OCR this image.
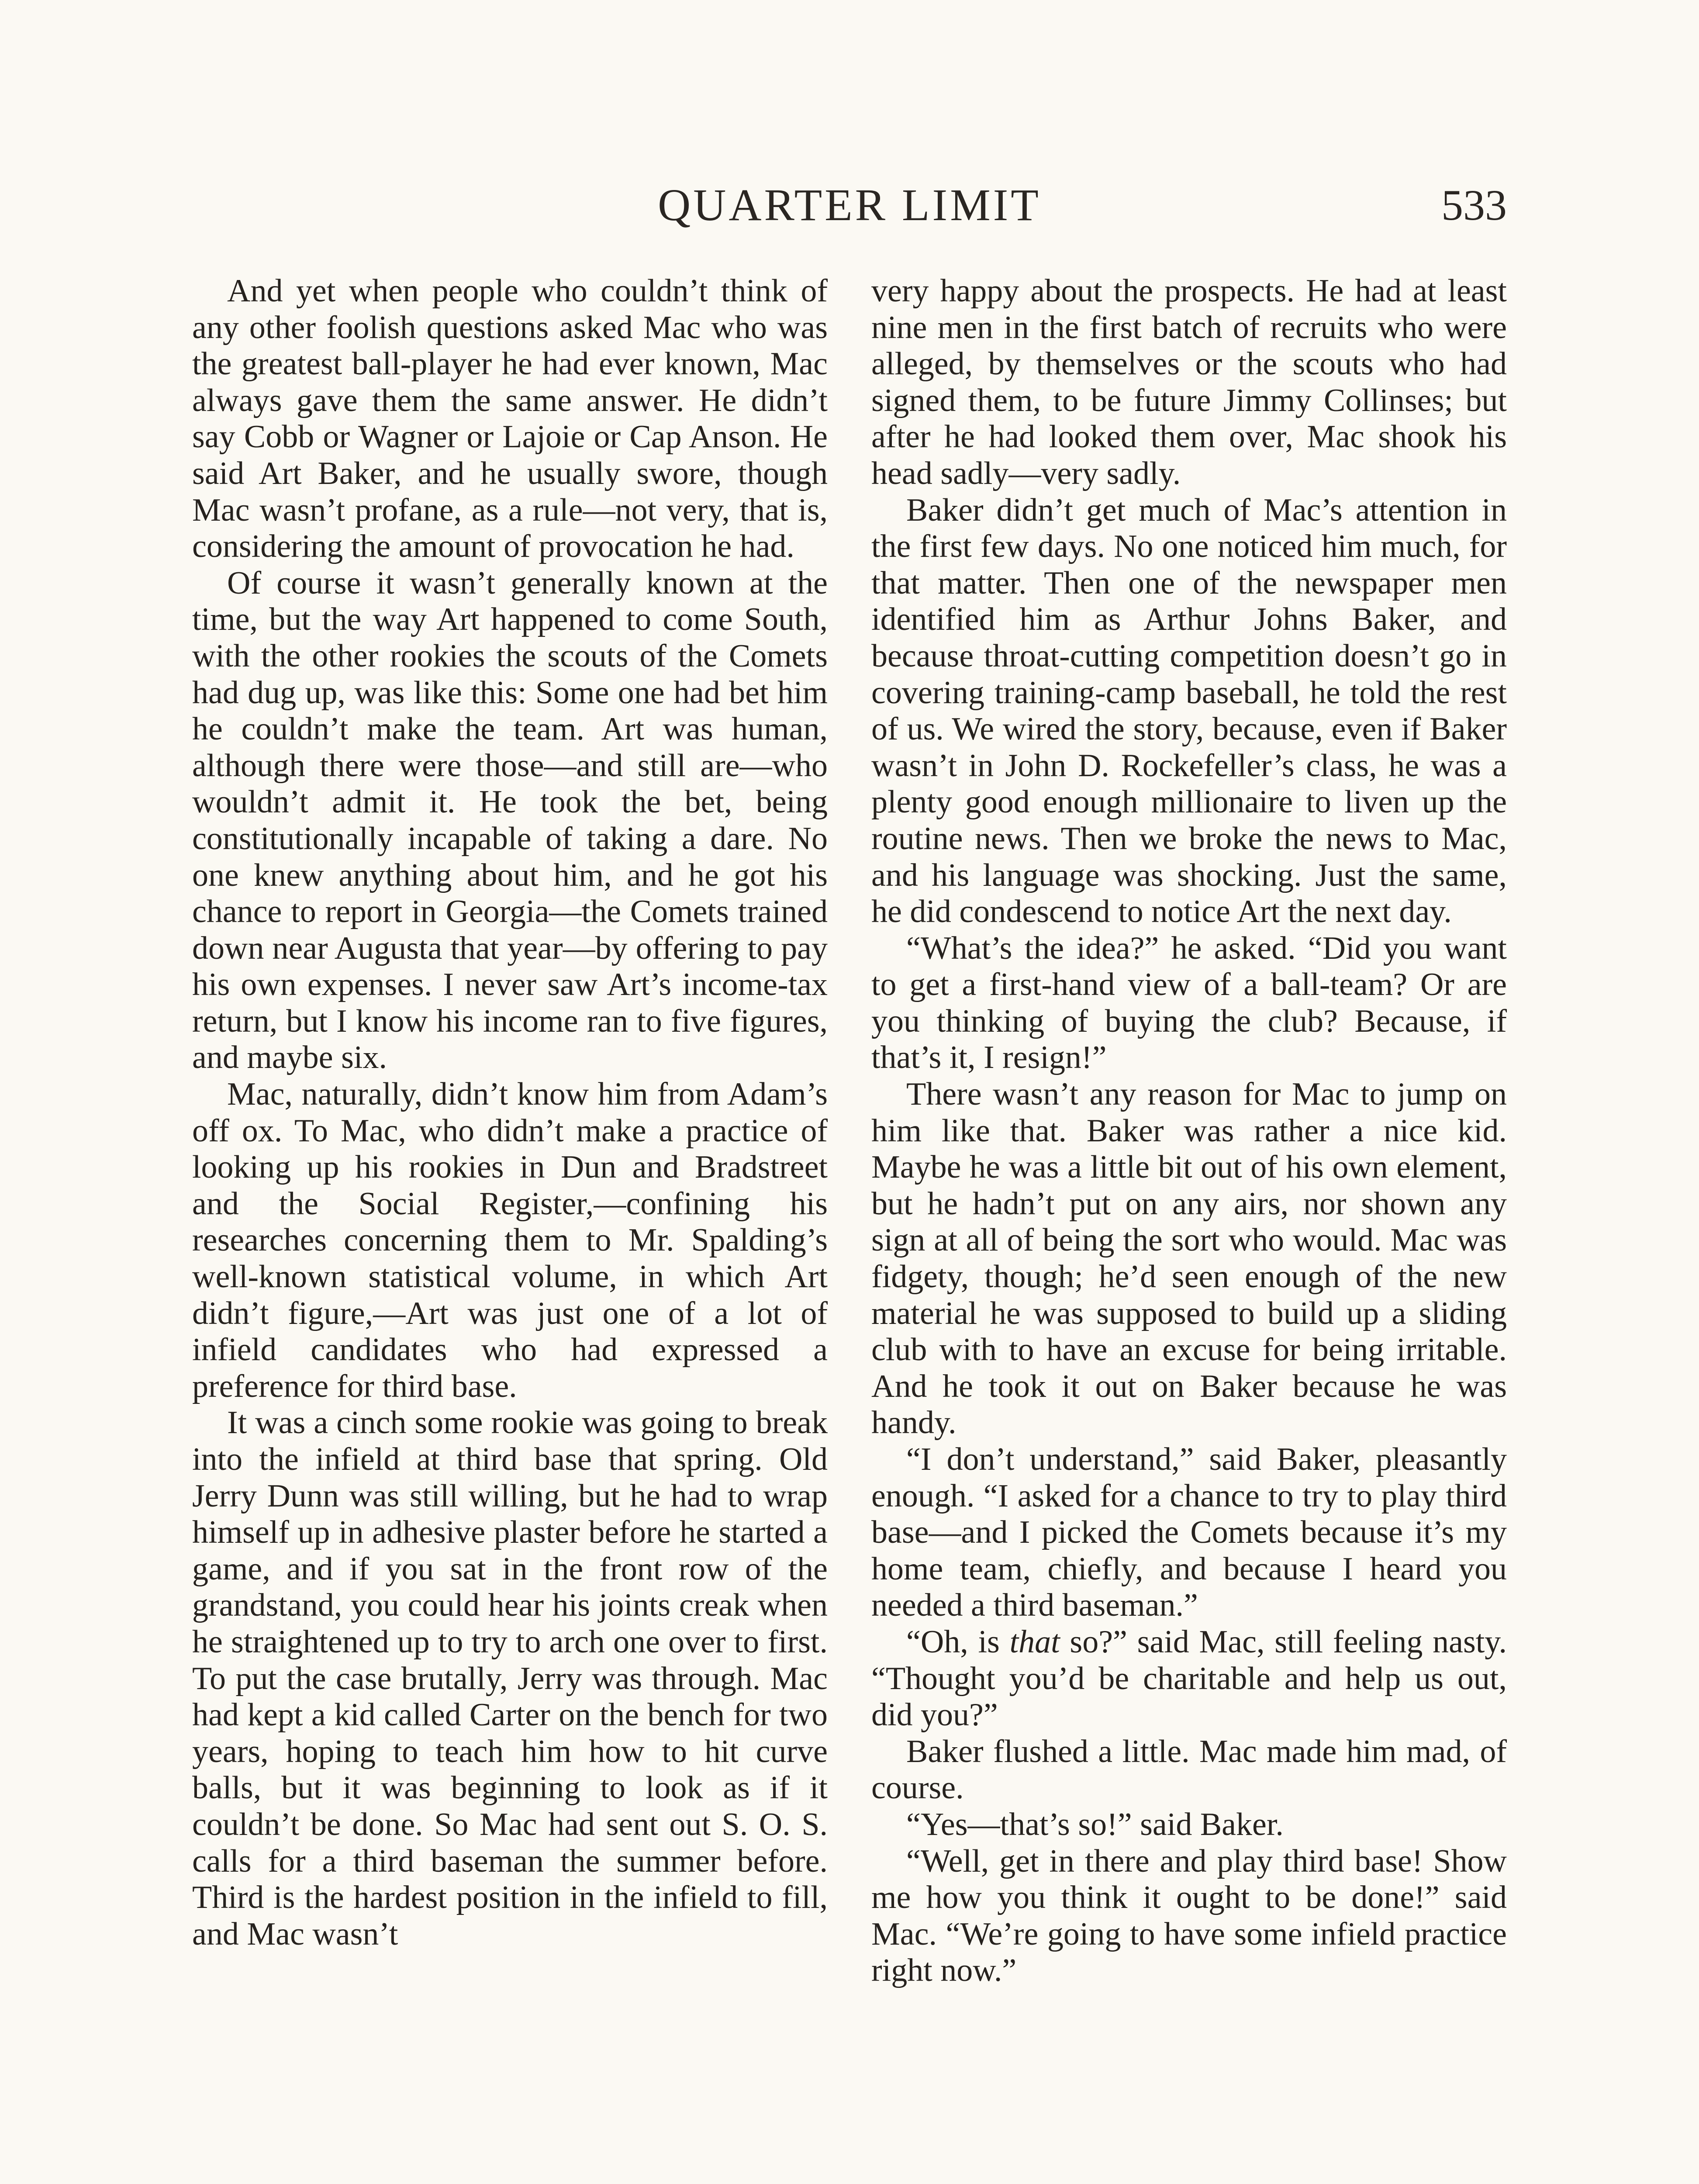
QUARTER LIMIT	533

And yet when people who couldn’t think of any other foolish questions asked Mac who was the greatest ball-player he had ever known, Mac always gave them the same answer. He didn’t say Cobb or Wagner or Lajoie or Cap Anson. He said Art Baker, and he usually swore, though Mac wasn’t profane, as a rule—not very, that is, considering the amount of provocation he had.

Of course it wasn’t generally known at the time, but the way Art happened to come South, with the other rookies the scouts of the Comets had dug up, was like this: Some one had bet him he couldn’t make the team. Art was human, although there were those—and still are—who wouldn’t admit it. He took the bet, being constitutionally incapable of taking a dare. No one knew anything about him, and he got his chance to report in Georgia—the Comets trained down near Augusta that year—by offering to pay his own expenses. I never saw Art’s income-tax return, but I know his income ran to five figures, and maybe six.

Mac, naturally, didn’t know him from Adam’s off ox. To Mac, who didn’t make a practice of looking up his rookies in Dun and Bradstreet and the Social Register,—confining his researches concerning them to Mr. Spalding’s well-known statistical volume, in which Art didn’t figure,—Art was just one of a lot of infield candidates who had expressed a preference for third base.

It was a cinch some rookie was going to break into the infield at third base that spring. Old Jerry Dunn was still willing, but he had to wrap himself up in adhesive plaster before he started a game, and if you sat in the front row of the grandstand, you could hear his joints creak when he straightened up to try to arch one over to first. To put the case brutally, Jerry was through. Mac had kept a kid called Carter on the bench for two years, hoping to teach him how to hit curve balls, but it was beginning to look as if it couldn’t be done. So Mac had sent out S. O. S. calls for a third baseman the summer before. Third is the hardest position in the infield to fill, and Mac wasn’t

very happy about the prospects. He had at least nine men in the first batch of recruits who were alleged, by themselves or the scouts who had signed them, to be future Jimmy Collinses; but after he had looked them over, Mac shook his head sadly—very sadly.

Baker didn’t get much of Mac’s attention in the first few days. No one noticed him much, for that matter. Then one of the newspaper men identified him as Arthur Johns Baker, and because throat-cutting competition doesn’t go in covering training-camp baseball, he told the rest of us. We wired the story, because, even if Baker wasn’t in John D. Rockefeller’s class, he was a plenty good enough millionaire to liven up the routine news. Then we broke the news to Mac, and his language was shocking. Just the same, he did condescend to notice Art the next day.

“What’s the idea?” he asked. “Did you want to get a first-hand view of a ball-team? Or are you thinking of buying the club? Because, if that’s it, I resign!”

There wasn’t any reason for Mac to jump on him like that. Baker was rather a nice kid. Maybe he was a little bit out of his own element, but he hadn’t put on any airs, nor shown any sign at all of being the sort who would. Mac was fidgety, though; he’d seen enough of the new material he was supposed to build up a sliding club with to have an excuse for being irritable. And he took it out on Baker because he was handy.

“I don’t understand,” said Baker, pleasantly enough. “I asked for a chance to try to play third base—and I picked the Comets because it’s my home team, chiefly, and because I heard you needed a third baseman.”

“Oh, is that so?” said Mac, still feeling nasty. “Thought you’d be charitable and help us out, did you?”

Baker flushed a little. Mac made him mad, of course.

“Yes—that’s so!” said Baker.

“Well, get in there and play third base! Show me how you think it ought to be done!” said Mac. “We’re going to have some infield practice right now.”
